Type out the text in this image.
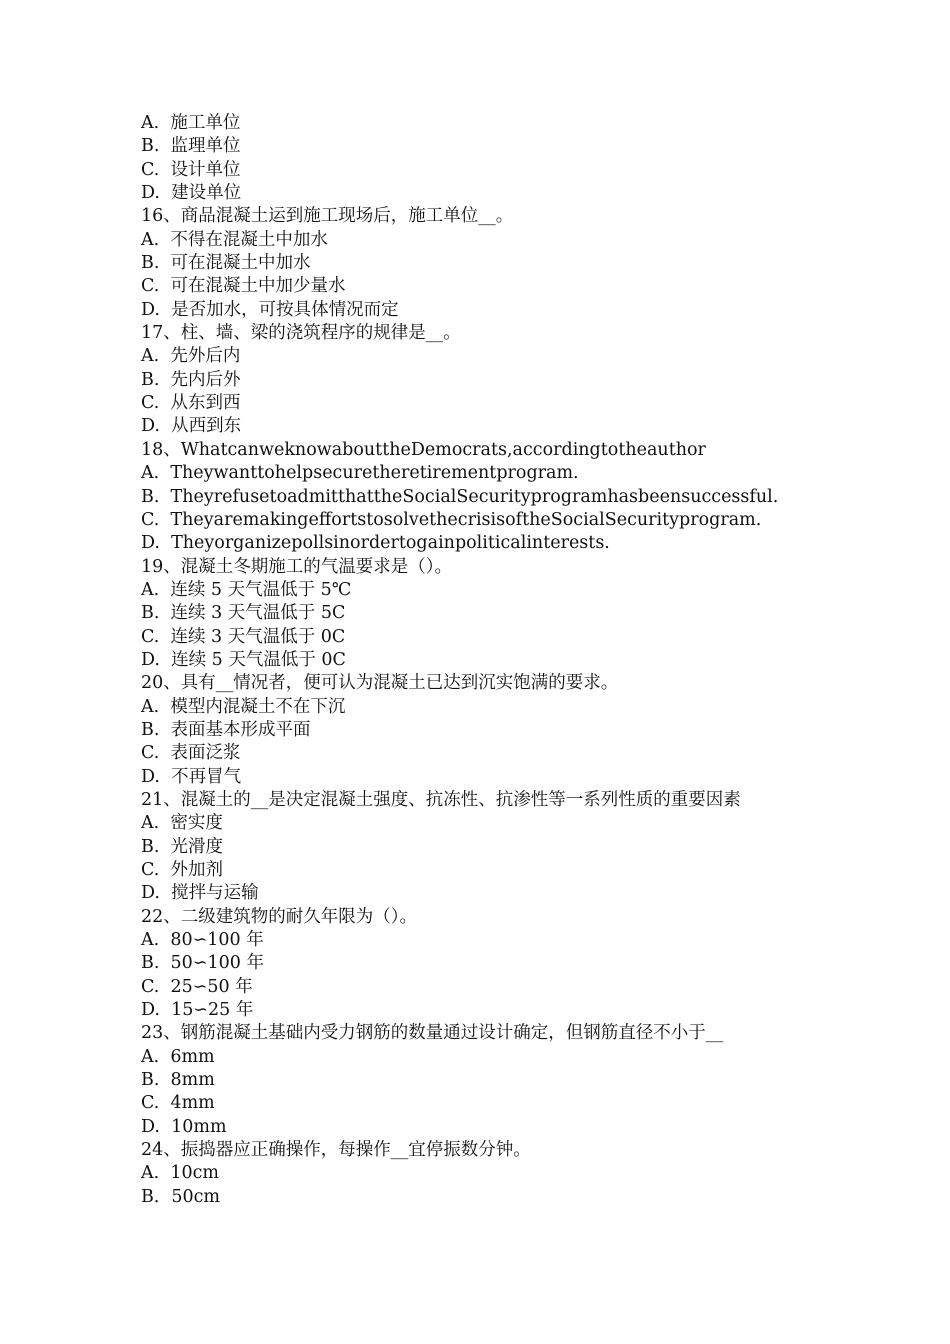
A.  施工单位
B.  监理单位
C.  设计单位
D.  建设单位
16、商品混凝土运到施工现场后，施工单位__。
A.  不得在混凝土中加水
B.  可在混凝土中加水
C.  可在混凝土中加少量水
D.  是否加水，可按具体情况而定
17、柱、墙、梁的浇筑程序的规律是__。
A.  先外后内
B.  先内后外
C.  从东到西
D.  从西到东
18、WhatcanweknowabouttheDemocrats,accordingtotheauthor
A.  Theywanttohelpsecuretheretirementprogram.
B.  TheyrefusetoadmitthattheSocialSecurityprogramhasbeensuccessful.
C.  TheyaremakingeffortstosolvethecrisisoftheSocialSecurityprogram.
D.  Theyorganizepollsinordertogainpoliticalinterests.
19、混凝土冬期施工的气温要求是（）。
A.  连续 5 天气温低于 5℃
B.  连续 3 天气温低于 5C
C.  连续 3 天气温低于 0C
D.  连续 5 天气温低于 0C
20、具有__情况者，便可认为混凝土已达到沉实饱满的要求。
A.  模型内混凝土不在下沉
B.  表面基本形成平面
C.  表面泛浆
D.  不再冒气
21、混凝土的__是决定混凝土强度、抗冻性、抗渗性等一系列性质的重要因素
A.  密实度
B.  光滑度
C.  外加剂
D.  搅拌与运输
22、二级建筑物的耐久年限为（）。
A.  80∽100 年
B.  50∽100 年
C.  25∽50 年
D.  15∽25 年
23、钢筋混凝土基础内受力钢筋的数量通过设计确定，但钢筋直径不小于__
A.  6mm
B.  8mm
C.  4mm
D.  10mm
24、振捣器应正确操作，每操作__宜停振数分钟。
A.  10cm
B．50cm
